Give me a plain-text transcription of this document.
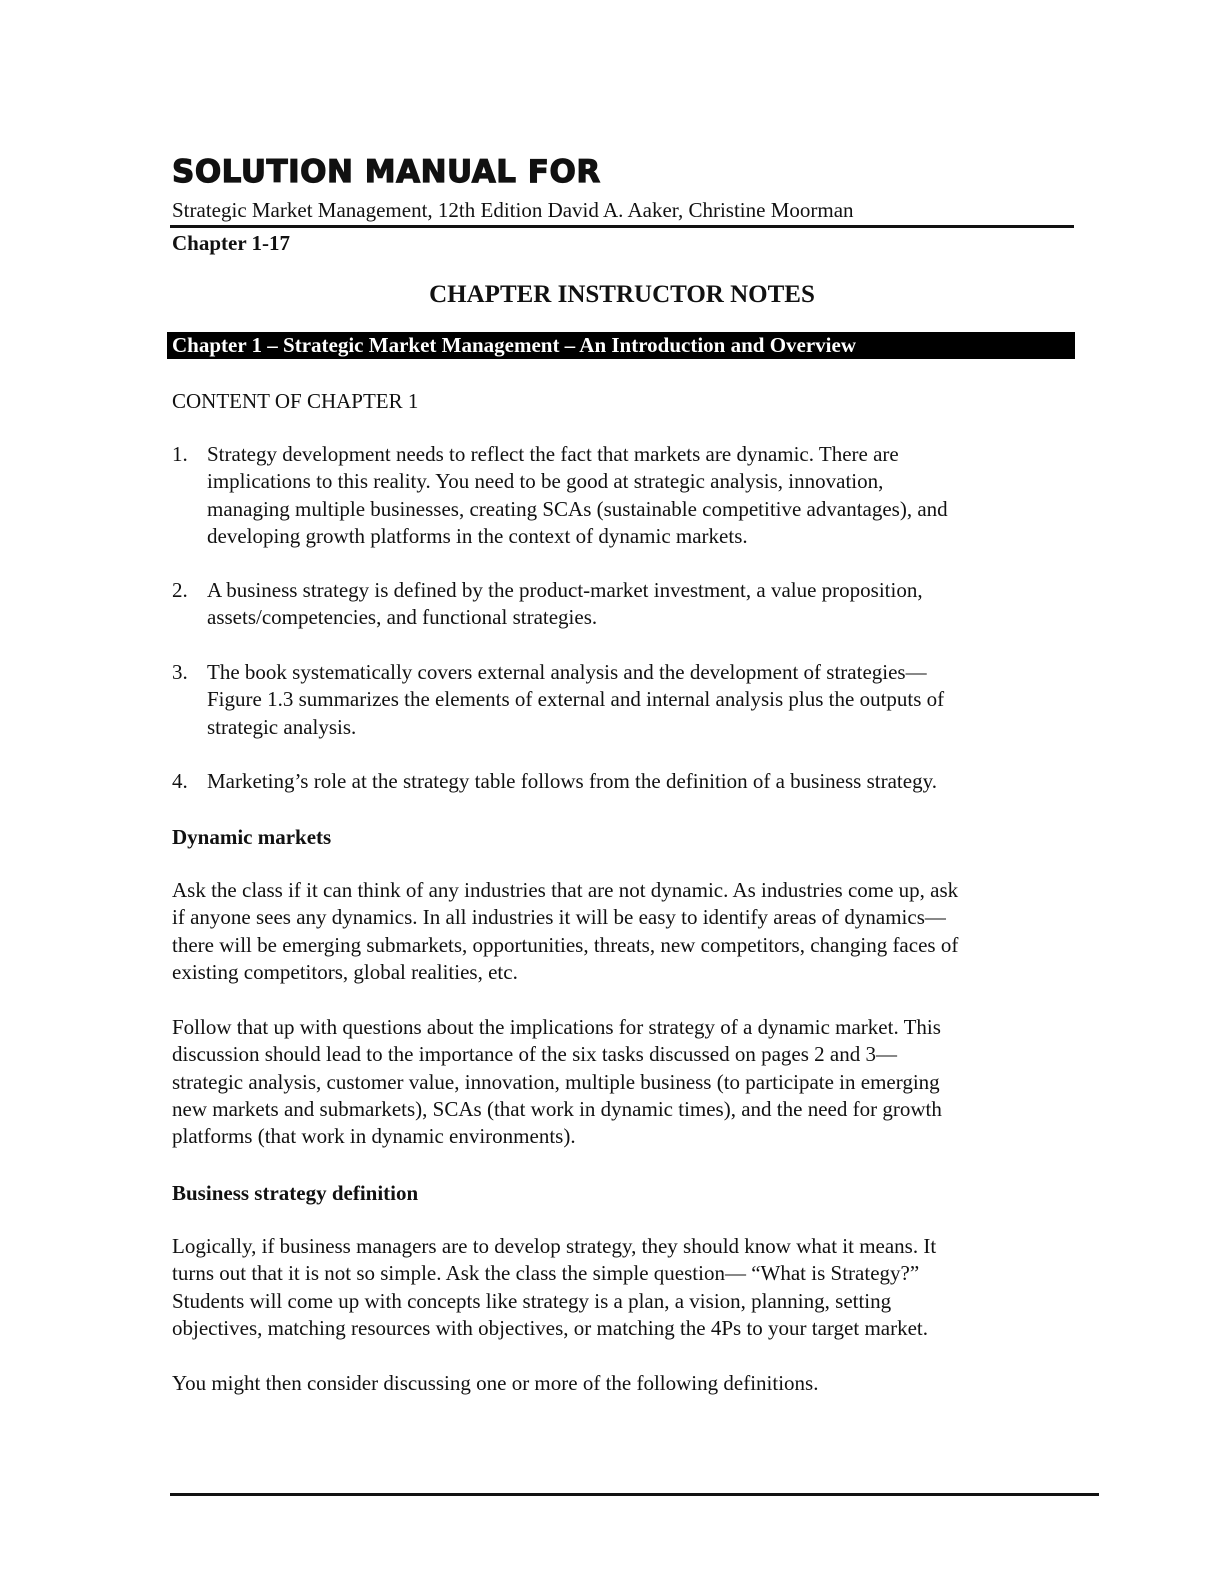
SOLUTION MANUAL FOR
Strategic Market Management, 12th Edition David A. Aaker, Christine Moorman
Chapter 1-17
CHAPTER INSTRUCTOR NOTES
Chapter 1 – Strategic Market Management – An Introduction and Overview
CONTENT OF CHAPTER 1
1. Strategy development needs to reflect the fact that markets are dynamic. There are
implications to this reality. You need to be good at strategic analysis, innovation,
managing multiple businesses, creating SCAs (sustainable competitive advantages), and
developing growth platforms in the context of dynamic markets.
2. A business strategy is defined by the product-market investment, a value proposition,
assets/competencies, and functional strategies.
3. The book systematically covers external analysis and the development of strategies—
Figure 1.3 summarizes the elements of external and internal analysis plus the outputs of
strategic analysis.
4. Marketing’s role at the strategy table follows from the definition of a business strategy.
Dynamic markets
Ask the class if it can think of any industries that are not dynamic. As industries come up, ask
if anyone sees any dynamics. In all industries it will be easy to identify areas of dynamics—
there will be emerging submarkets, opportunities, threats, new competitors, changing faces of
existing competitors, global realities, etc.
Follow that up with questions about the implications for strategy of a dynamic market. This
discussion should lead to the importance of the six tasks discussed on pages 2 and 3—
strategic analysis, customer value, innovation, multiple business (to participate in emerging
new markets and submarkets), SCAs (that work in dynamic times), and the need for growth
platforms (that work in dynamic environments).
Business strategy definition
Logically, if business managers are to develop strategy, they should know what it means. It
turns out that it is not so simple. Ask the class the simple question— “What is Strategy?”
Students will come up with concepts like strategy is a plan, a vision, planning, setting
objectives, matching resources with objectives, or matching the 4Ps to your target market.
You might then consider discussing one or more of the following definitions.
